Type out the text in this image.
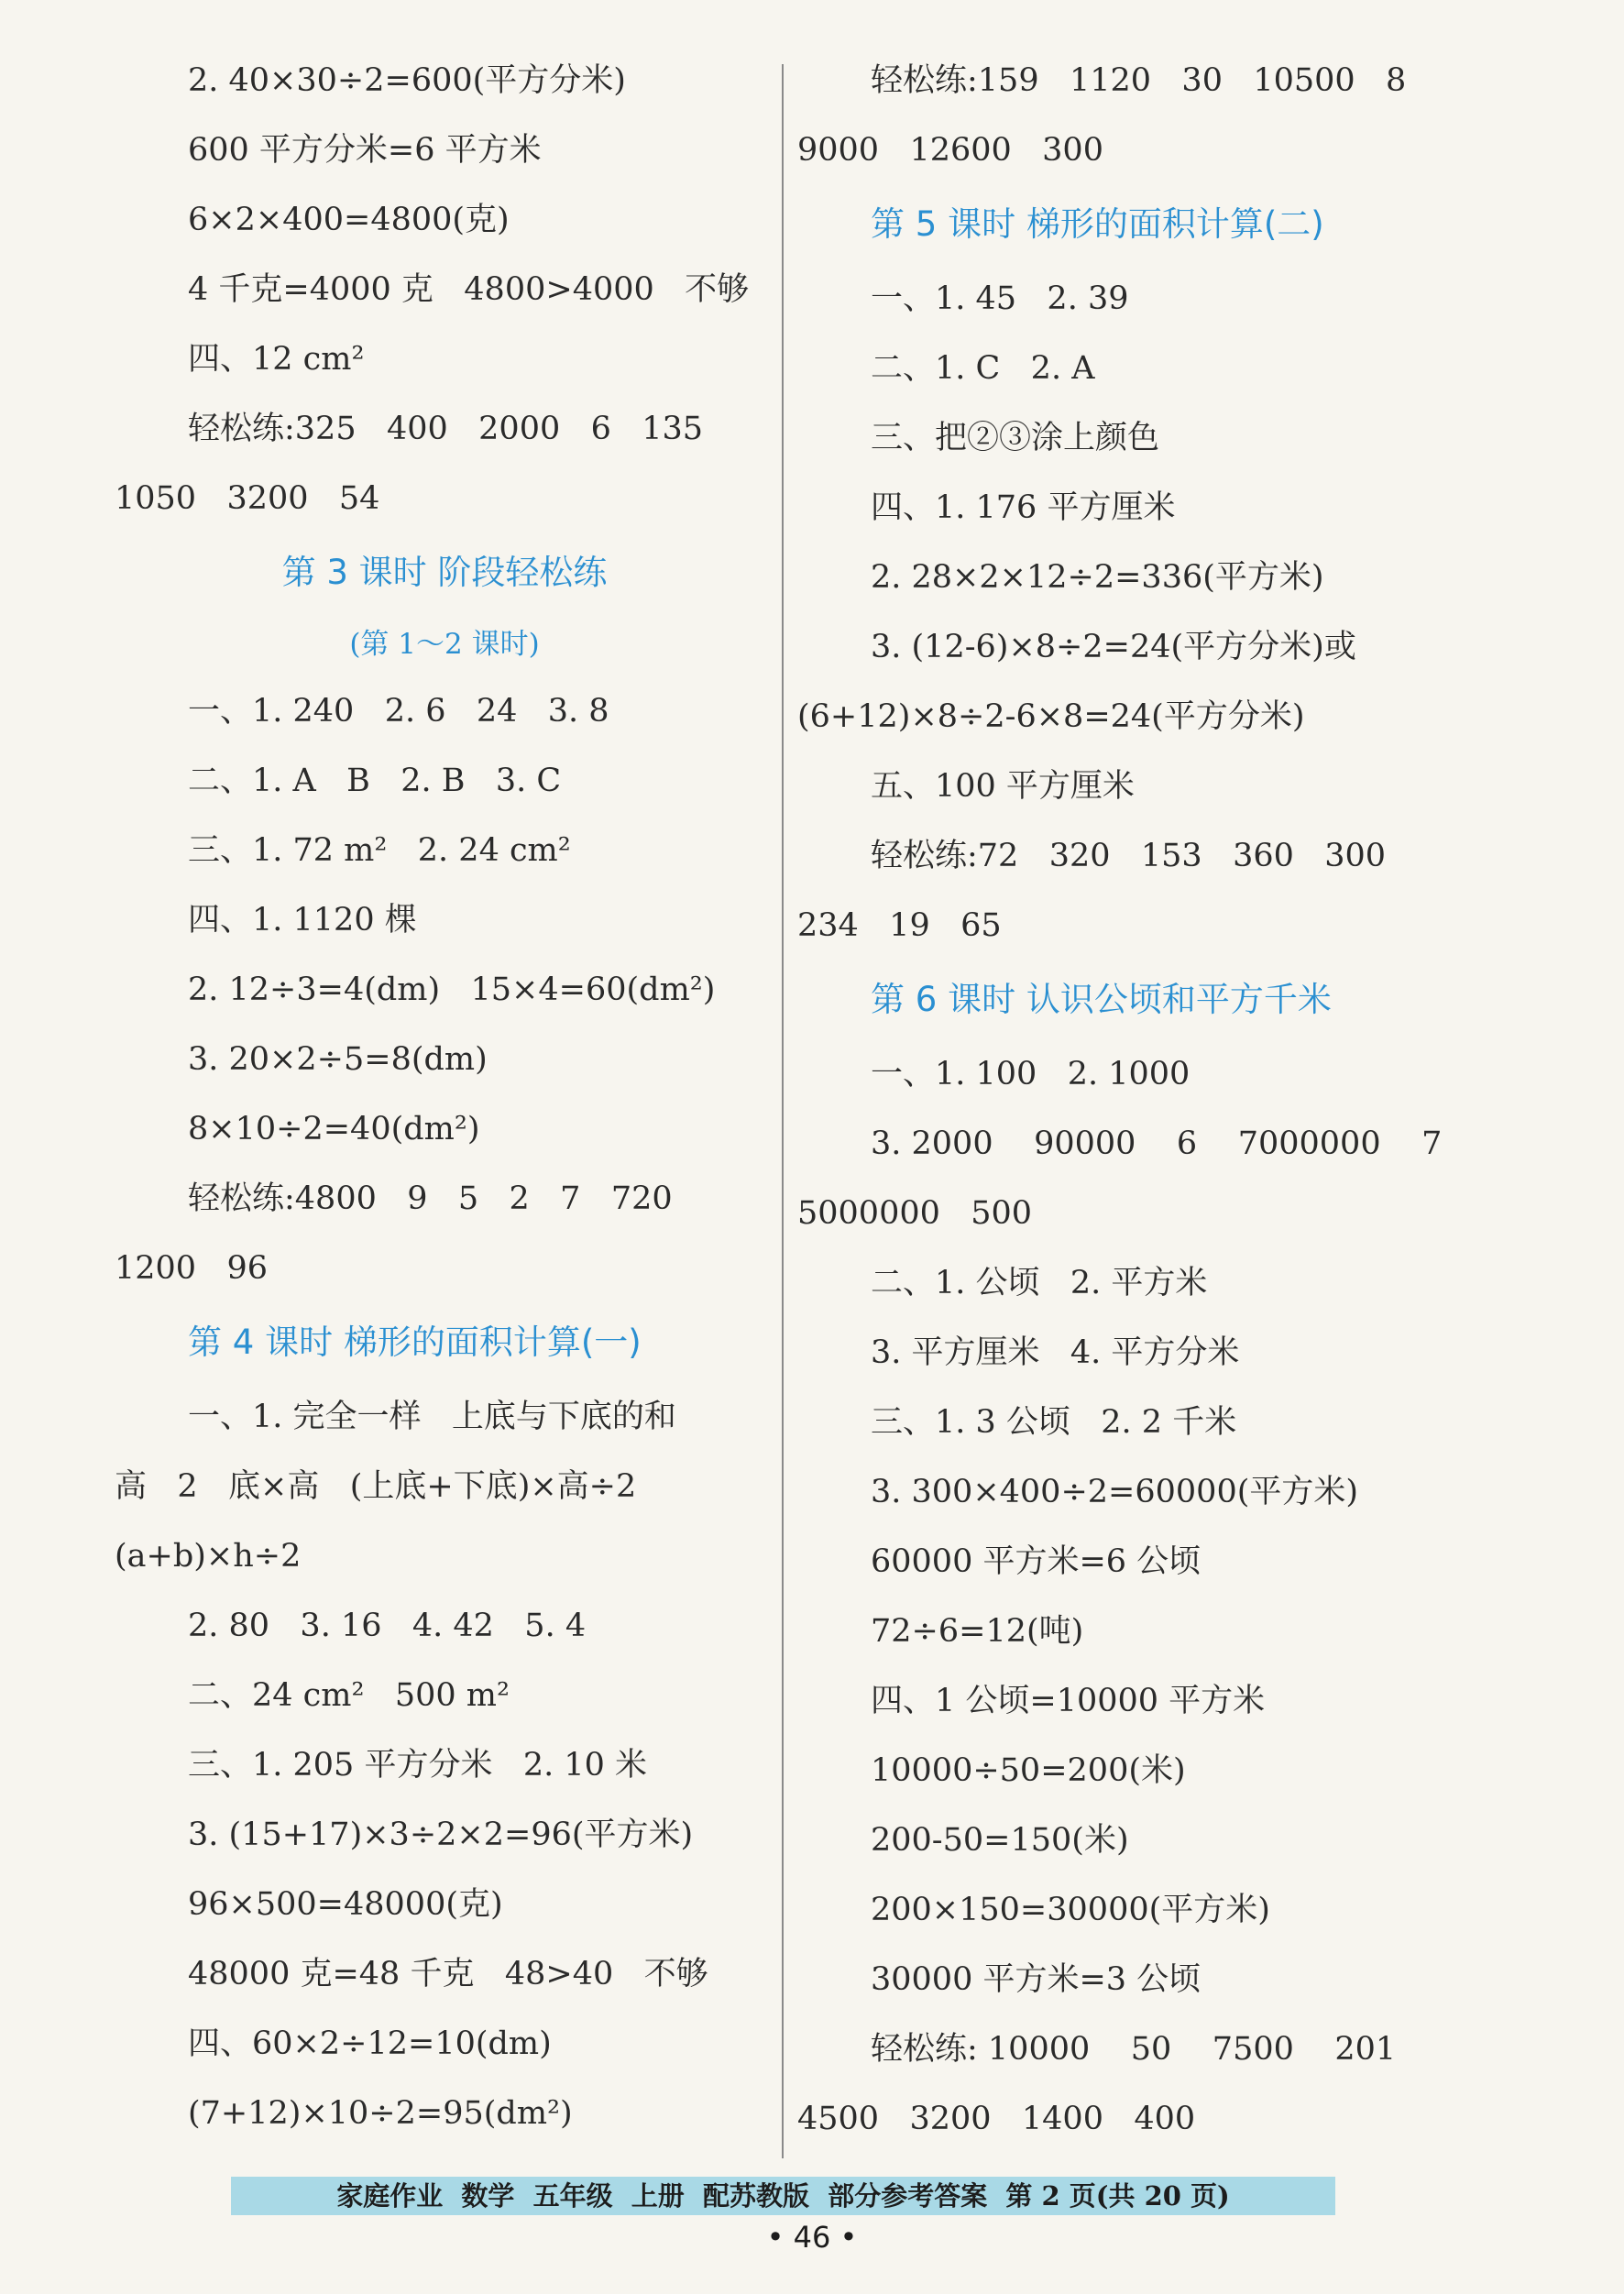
2. 40×30÷2=600(平方分米)
600 平方分米=6 平方米
6×2×400=4800(克)
4 千克=4000 克   4800>4000   不够
四、12 cm²
轻松练:325   400   2000   6   135
1050   3200   54
第 3 课时 阶段轻松练
(第 1～2 课时)
一、1. 240   2. 6   24   3. 8
二、1. A   B   2. B   3. C
三、1. 72 m²   2. 24 cm²
四、1. 1120 棵
2. 12÷3=4(dm)   15×4=60(dm²)
3. 20×2÷5=8(dm)
8×10÷2=40(dm²)
轻松练:4800   9   5   2   7   720
1200   96
第 4 课时 梯形的面积计算(一)
一、1. 完全一样   上底与下底的和
高   2   底×高   (上底+下底)×高÷2
(a+b)×h÷2
2. 80   3. 16   4. 42   5. 4
二、24 cm²   500 m²
三、1. 205 平方分米   2. 10 米
3. (15+17)×3÷2×2=96(平方米)
96×500=48000(克)
48000 克=48 千克   48>40   不够
四、60×2÷12=10(dm)
(7+12)×10÷2=95(dm²)
轻松练:159   1120   30   10500   8
9000   12600   300
第 5 课时 梯形的面积计算(二)
一、1. 45   2. 39
二、1. C   2. A
三、把②③涂上颜色
四、1. 176 平方厘米
2. 28×2×12÷2=336(平方米)
3. (12-6)×8÷2=24(平方分米)或
(6+12)×8÷2-6×8=24(平方分米)
五、100 平方厘米
轻松练:72   320   153   360   300
234   19   65
第 6 课时 认识公顷和平方千米
一、1. 100   2. 1000
3. 2000    90000    6    7000000    7
5000000   500
二、1. 公顷   2. 平方米
3. 平方厘米   4. 平方分米
三、1. 3 公顷   2. 2 千米
3. 300×400÷2=60000(平方米)
60000 平方米=6 公顷
72÷6=12(吨)
四、1 公顷=10000 平方米
10000÷50=200(米)
200-50=150(米)
200×150=30000(平方米)
30000 平方米=3 公顷
轻松练: 10000    50    7500    201
4500   3200   1400   400
家庭作业  数学  五年级  上册  配苏教版  部分参考答案  第 2 页(共 20 页)
• 46 •
